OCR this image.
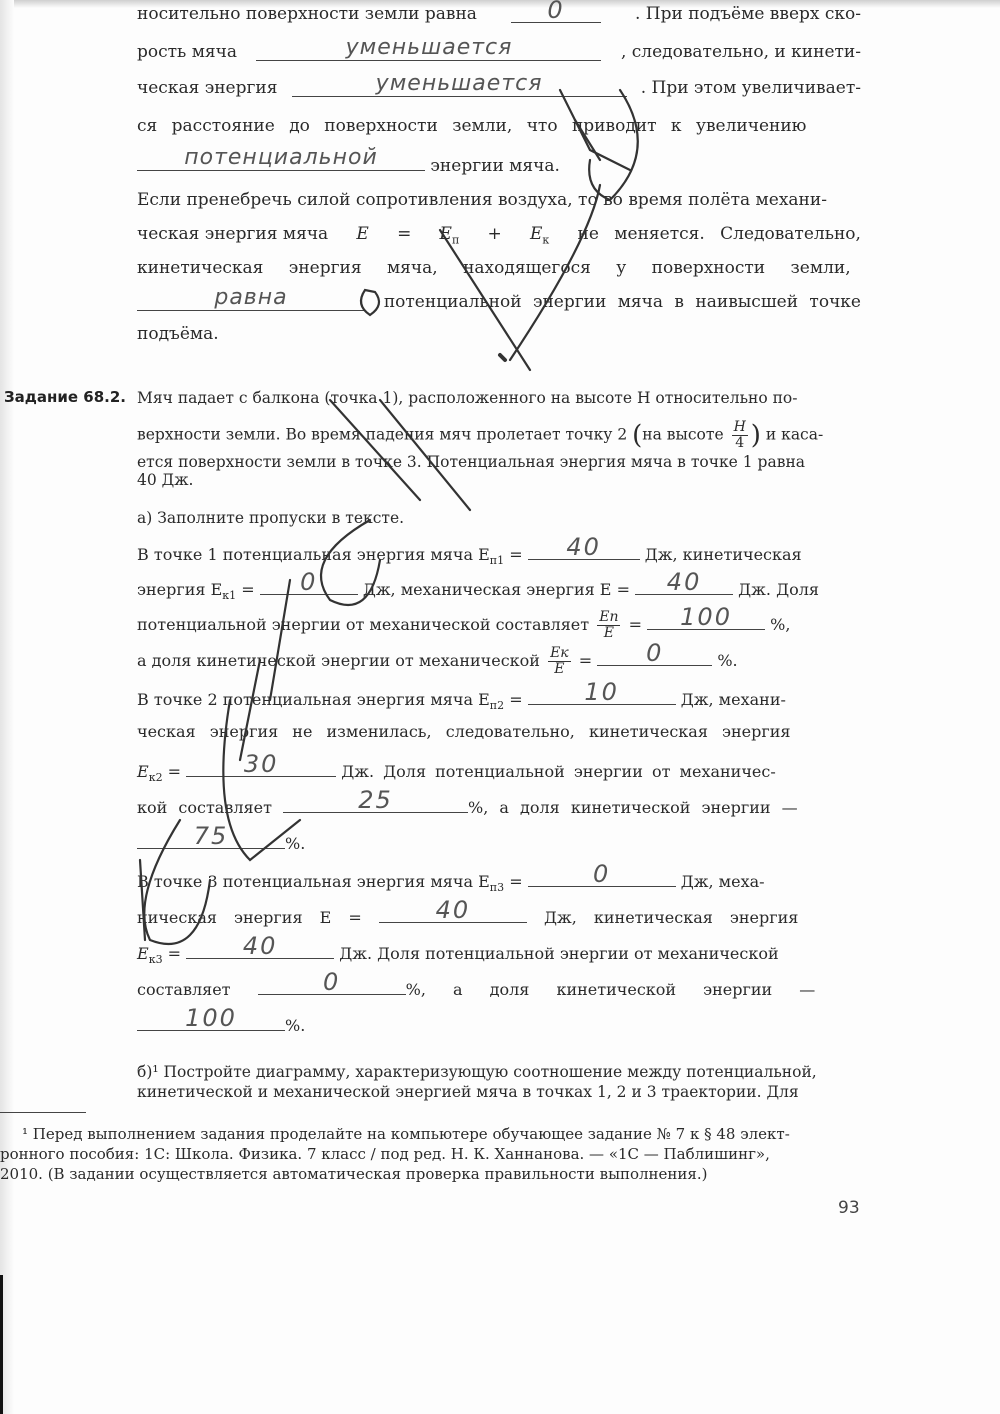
носительно поверхности земли равна	0	. При подъёме вверх ско-
рость мяча	уменьшается	, следовательно, и кинети-
ческая энергия	уменьшается	. При этом увеличивает-
ся расстояние до поверхности земли, что приводит к увеличению
потенциальной	энергии мяча.
Если пренебречь силой сопротивления воздуха, то во время полёта механи-
ческая энергия мяча $E = E_п + E_к$ не меняется. Следовательно,
кинетическая энергия мяча, находящегося у поверхности земли,
равна	потенциальной энергии мяча в наивысшей точке
подъёма.
Задание 68.2. Мяч падает с балкона (точка 1), расположенного на высоте H относительно по-
верхности земли. Во время падения мяч пролетает точку 2 (на высоте $\frac{H}{4}$ ) и каса-
ется поверхности земли в точке 3. Потенциальная энергия мяча в точке 1 равна
40 Дж.
а) Заполните пропуски в тексте.
В точке 1 потенциальная энергия мяча $E_{п1}$ =	40	Дж, кинетическая
энергия $E_{к1}$ =	0	Дж, механическая энергия E =	40	Дж. Доля
потенциальной энергии от механической составляет $\frac{Eп}{E}$ =	100	%,
а доля кинетической энергии от механической $\frac{Eк}{E}$ =	0	%.
В точке 2 потенциальная энергия мяча $E_{п2}$ =	10	Дж, механи-
ческая энергия не изменилась, следовательно, кинетическая энергия
$E_{к2}$ =	30	Дж. Доля потенциальной энергии от механичес-
кой составляет	25	%, а доля кинетической энергии —
75	%.
В точке 3 потенциальная энергия мяча $E_{п3}$ =	0	Дж, меха-
ническая энергия E =	40	Дж, кинетическая энергия
$E_{к3}$ =	40	Дж. Доля потенциальной энергии от механической
составляет	0	%, а доля кинетической энергии —
100	%.
б)¹ Постройте диаграмму, характеризующую соотношение между потенциальной,
кинетической и механической энергией мяча в точках 1, 2 и 3 траектории. Для
¹ Перед выполнением задания проделайте на компьютере обучающее задание № 7 к § 48 элект-
ронного пособия: 1С: Школа. Физика. 7 класс / под ред. Н. К. Ханнанова. — «1С — Паблишинг»,
2010. (В задании осуществляется автоматическая проверка правильности выполнения.)
93
